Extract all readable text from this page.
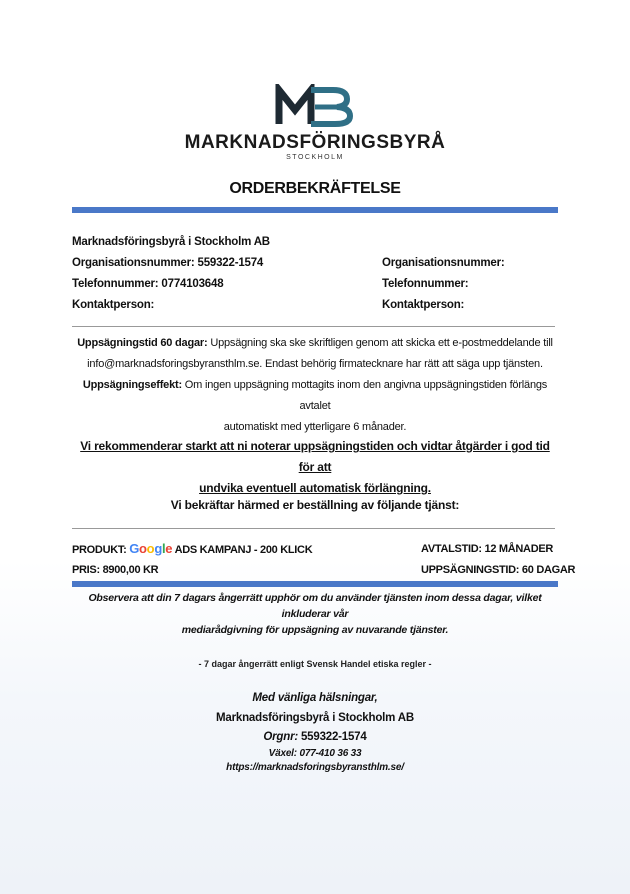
MARKNADSFÖRINGSBYRÅ
STOCKHOLM
ORDERBEKRÄFTELSE
Marknadsföringsbyrå i Stockholm AB
Organisationsnummer: 559322-1574
Telefonnummer: 0774103648
Kontaktperson:
Organisationsnummer:
Telefonnummer:
Kontaktperson:
Uppsägningstid 60 dagar: Uppsägning ska ske skriftligen genom att skicka ett e-postmeddelande till
info@marknadsforingsbyransthlm.se. Endast behörig firmatecknare har rätt att säga upp tjänsten.
Uppsägningseffekt: Om ingen uppsägning mottagits inom den angivna uppsägningstiden förlängs avtalet
automatiskt med ytterligare 6 månader.
Vi rekommenderar starkt att ni noterar uppsägningstiden och vidtar åtgärder i god tid för att
undvika eventuell automatisk förlängning.
Vi bekräftar härmed er beställning av följande tjänst:
PRODUKT: Google ADS KAMPANJ - 200 KLICK
PRIS: 8900,00 KR
AVTALSTID: 12 MÅNADER
UPPSÄGNINGSTID: 60 DAGAR
Observera att din 7 dagars ångerrätt upphör om du använder tjänsten inom dessa dagar, vilket inkluderar vår
mediarådgivning för uppsägning av nuvarande tjänster.
- 7 dagar ångerrätt enligt Svensk Handel etiska regler -
Med vänliga hälsningar,
Marknadsföringsbyrå i Stockholm AB
Orgnr: 559322-1574
Växel: 077-410 36 33
https://marknadsforingsbyransthlm.se/
